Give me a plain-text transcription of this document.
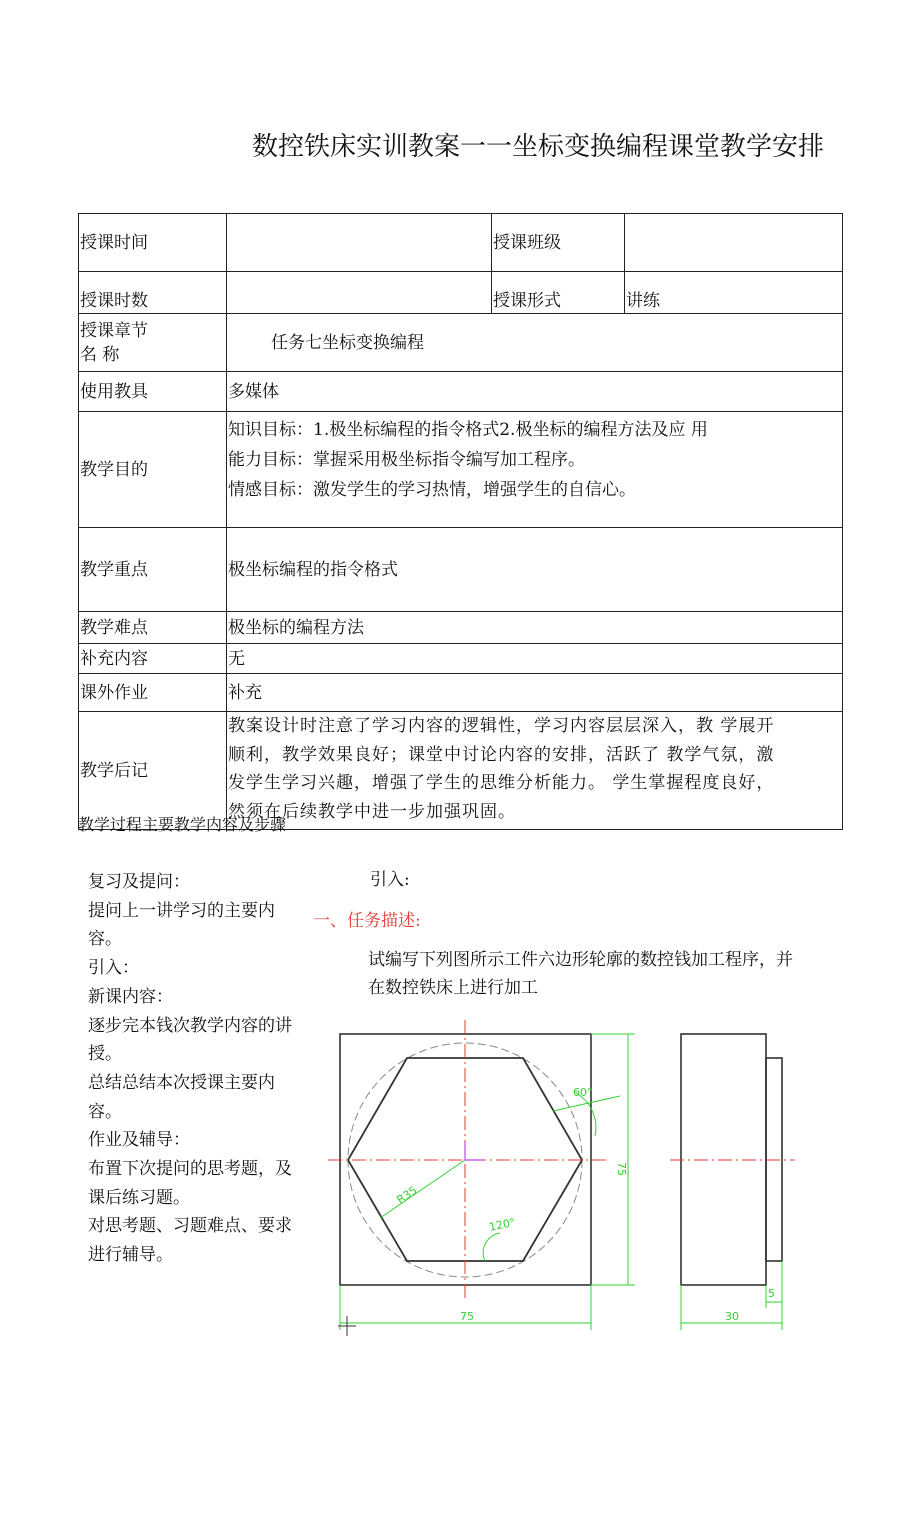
数控铁床实训教案一一坐标变换编程课堂教学安排
授课时间		授课班级	
授课时数		授课形式	讲练

授课章节
名 称	任务七坐标变换编程		
使用教具	多媒体		
教学目的	知识目标：1.极坐标编程的指令格式2.极坐标的编程方法及应 用
能力目标：掌握采用极坐标指令编写加工程序。
情感目标：激发学生的学习热情，增强学生的自信心。		

教学重点	极坐标编程的指令格式		
教学难点	极坐标的编程方法		
补充内容	无		
课外作业	补充		
教学后记	教案设计时注意了学习内容的逻辑性，学习内容层层深入，教 学展开
顺利，教学效果良好；课堂中讨论内容的安排，活跃了 教学气氛，激
发学生学习兴趣，增强了学生的思维分析能力。 学生掌握程度良好，
然须在后续教学中进一步加强巩固。		
教学过程主要教学内容及步骤
复习及提问：
提问上一讲学习的主要内容。
引入：
新课内容：
逐步完本钱次教学内容的讲授。
总结总结本次授课主要内 容。
作业及辅导：
布置下次提问的思考题，及课后练习题。
对思考题、习题难点、要求进行辅导。
引入:
一、任务描述:
试编写下列图所示工件六边形轮廓的数控钱加工程序，并在数控铁床上进行加工
R35
60°
120°
75
75
5
30
